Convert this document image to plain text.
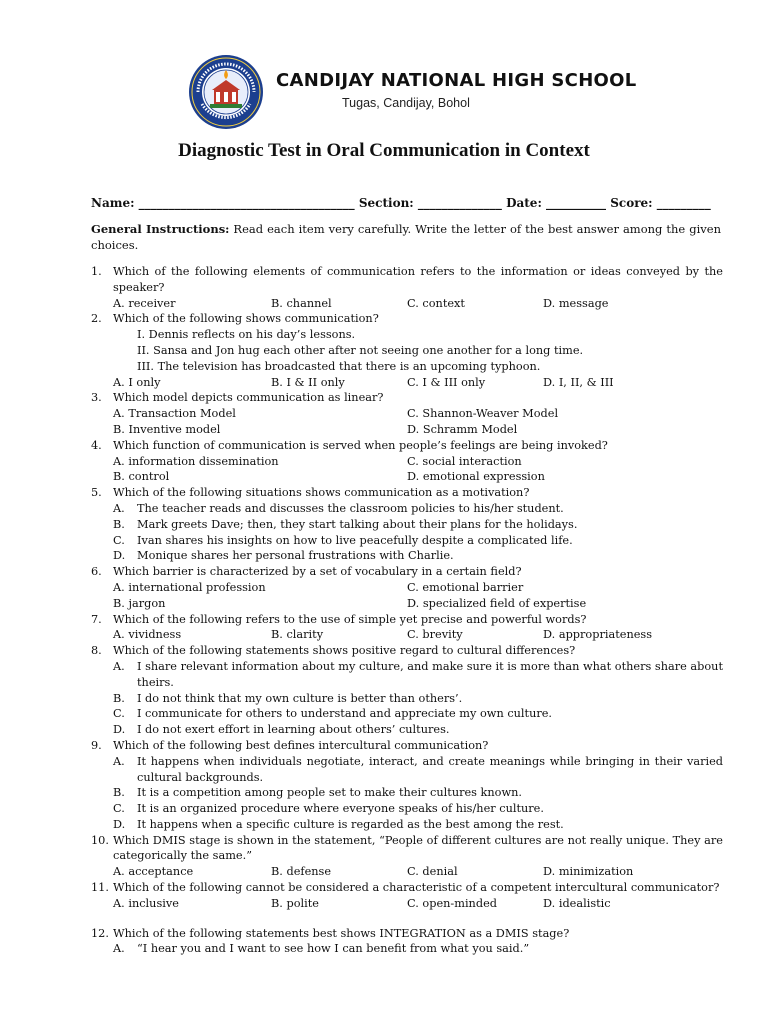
CANDIJAY NATIONAL HIGH SCHOOL
Tugas, Candijay, Bohol
Diagnostic Test in Oral Communication in Context
Name: ____________________________________ Section: ______________ Date: __________ Score: _________
General Instructions: Read each item very carefully. Write the letter of the best answer among the given choices.
1. Which of the following elements of communication refers to the information or ideas conveyed by the speaker?
A. receiver	B. channel	C. context	D. message
2. Which of the following shows communication?
I. Dennis reflects on his day’s lessons.
II. Sansa and Jon hug each other after not seeing one another for a long time.
III. The television has broadcasted that there is an upcoming typhoon.
A. I only	B. I & II only	C. I & III only	D. I, II, & III
3. Which model depicts communication as linear?
A. Transaction Model	C. Shannon-Weaver Model
B. Inventive model	D. Schramm Model
4. Which function of communication is served when people’s feelings are being invoked?
A. information dissemination	C. social interaction
B. control	D. emotional expression
5. Which of the following situations shows communication as a motivation?
A. The teacher reads and discusses the classroom policies to his/her student.
B. Mark greets Dave; then, they start talking about their plans for the holidays.
C. Ivan shares his insights on how to live peacefully despite a complicated life.
D. Monique shares her personal frustrations with Charlie.
6. Which barrier is characterized by a set of vocabulary in a certain field?
A. international profession	C. emotional barrier
B. jargon	D. specialized field of expertise
7. Which of the following refers to the use of simple yet precise and powerful words?
A. vividness	B. clarity	C. brevity	D. appropriateness
8. Which of the following statements shows positive regard to cultural differences?
A. I share relevant information about my culture, and make sure it is more than what others share about theirs.
B. I do not think that my own culture is better than others’.
C. I communicate for others to understand and appreciate my own culture.
D. I do not exert effort in learning about others’ cultures.
9. Which of the following best defines intercultural communication?
A. It happens when individuals negotiate, interact, and create meanings while bringing in their varied cultural backgrounds.
B. It is a competition among people set to make their cultures known.
C. It is an organized procedure where everyone speaks of his/her culture.
D. It happens when a specific culture is regarded as the best among the rest.
10. Which DMIS stage is shown in the statement, “People of different cultures are not really unique. They are categorically the same.”
A. acceptance	B. defense	C. denial	D. minimization
11. Which of the following cannot be considered a characteristic of a competent intercultural communicator?
A. inclusive	B. polite	C. open-minded	D. idealistic
12. Which of the following statements best shows INTEGRATION as a DMIS stage?
A. “I hear you and I want to see how I can benefit from what you said.”
